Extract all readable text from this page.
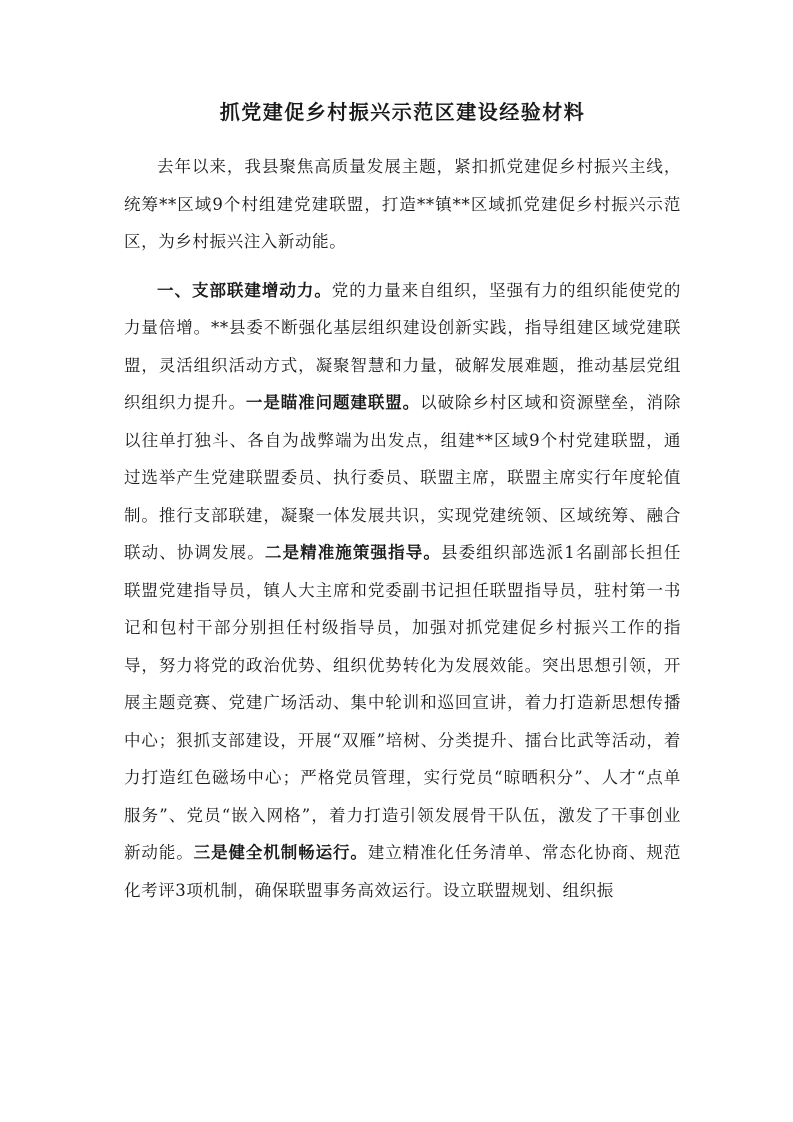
抓党建促乡村振兴示范区建设经验材料

去年以来，我县聚焦高质量发展主题，紧扣抓党建促乡村振兴主线，统筹**区域9个村组建党建联盟，打造**镇**区域抓党建促乡村振兴示范区，为乡村振兴注入新动能。

一、支部联建增动力。党的力量来自组织，坚强有力的组织能使党的力量倍增。**县委不断强化基层组织建设创新实践，指导组建区域党建联盟，灵活组织活动方式，凝聚智慧和力量，破解发展难题，推动基层党组织组织力提升。一是瞄准问题建联盟。以破除乡村区域和资源壁垒，消除以往单打独斗、各自为战弊端为出发点，组建**区域9个村党建联盟，通过选举产生党建联盟委员、执行委员、联盟主席，联盟主席实行年度轮值制。推行支部联建，凝聚一体发展共识，实现党建统领、区域统筹、融合联动、协调发展。二是精准施策强指导。县委组织部选派1名副部长担任联盟党建指导员，镇人大主席和党委副书记担任联盟指导员，驻村第一书记和包村干部分别担任村级指导员，加强对抓党建促乡村振兴工作的指导，努力将党的政治优势、组织优势转化为发展效能。突出思想引领，开展主题竞赛、党建广场活动、集中轮训和巡回宣讲，着力打造新思想传播中心；狠抓支部建设，开展“双雁”培树、分类提升、擂台比武等活动，着力打造红色磁场中心；严格党员管理，实行党员“晾晒积分”、人才“点单服务”、党员“嵌入网格”，着力打造引领发展骨干队伍，激发了干事创业新动能。三是健全机制畅运行。建立精准化任务清单、常态化协商、规范化考评3项机制，确保联盟事务高效运行。设立联盟规划、组织振
